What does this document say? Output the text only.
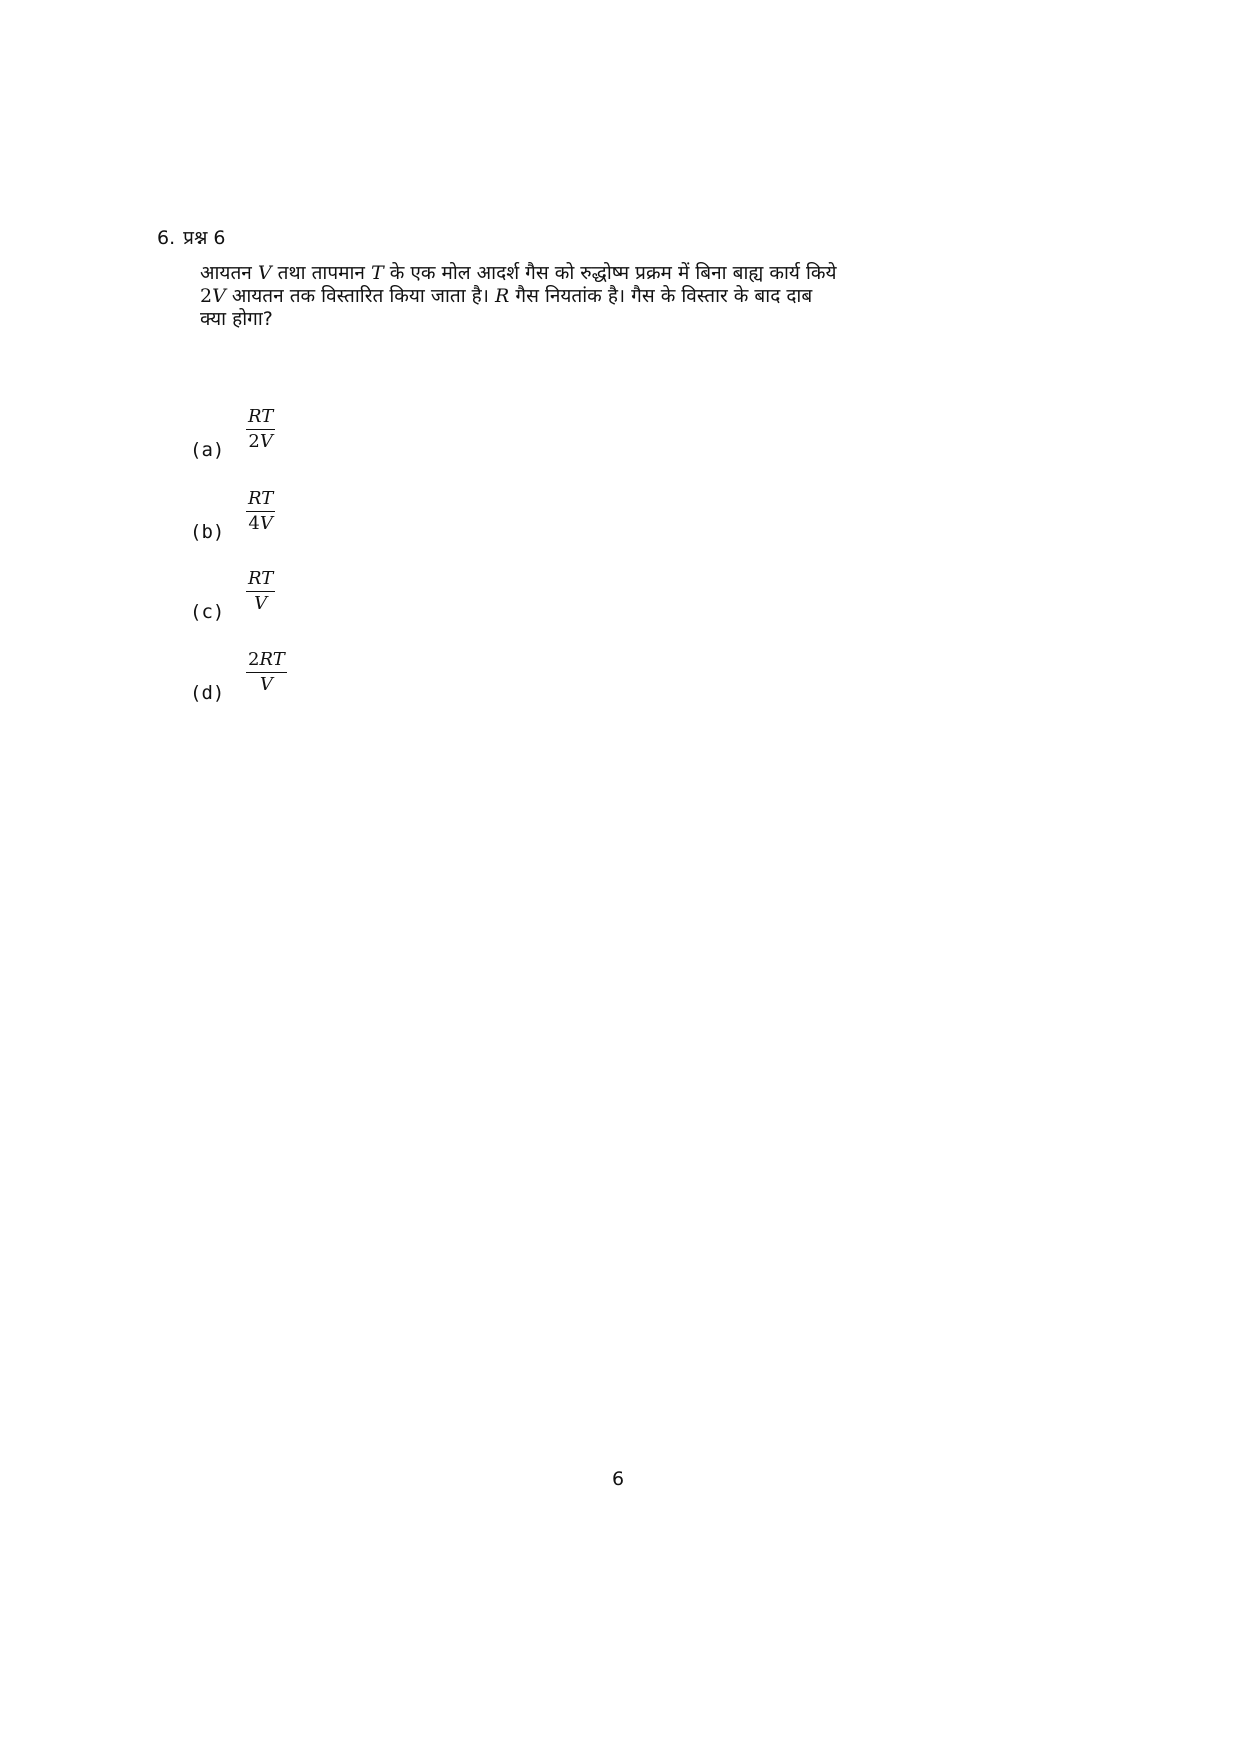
6. प्रश्न 6
आयतन V तथा तापमान T के एक मोल आदर्श गैस को रुद्धोष्म प्रक्रम में बिना बाह्य कार्य किये
2V आयतन तक विस्तारित किया जाता है। R गैस नियतांक है। गैस के विस्तार के बाद दाब
क्या होगा?
(a)
RT
2V
(b)
RT
4V
(c)
RT
V
(d)
2RT
V
6
